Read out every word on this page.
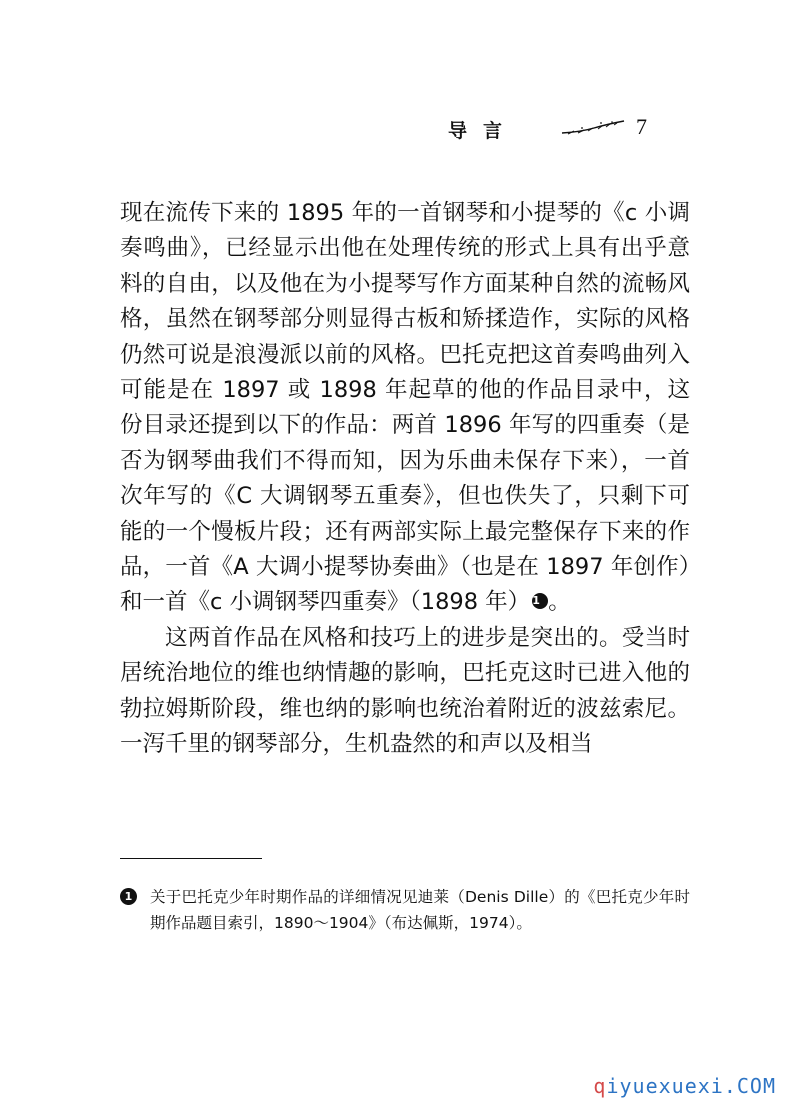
导言	7

现在流传下来的 1895 年的一首钢琴和小提琴的《c 小调奏鸣曲》，已经显示出他在处理传统的形式上具有出乎意料的自由，以及他在为小提琴写作方面某种自然的流畅风格，虽然在钢琴部分则显得古板和矫揉造作，实际的风格仍然可说是浪漫派以前的风格。巴托克把这首奏鸣曲列入可能是在 1897 或 1898 年起草的他的作品目录中，这份目录还提到以下的作品：两首 1896 年写的四重奏（是否为钢琴曲我们不得而知，因为乐曲未保存下来），一首次年写的《C 大调钢琴五重奏》，但也佚失了，只剩下可能的一个慢板片段；还有两部实际上最完整保存下来的作品，一首《A 大调小提琴协奏曲》（也是在 1897 年创作）和一首《c 小调钢琴四重奏》（1898 年） 1 。

这两首作品在风格和技巧上的进步是突出的。受当时居统治地位的维也纳情趣的影响，巴托克这时已进入他的勃拉姆斯阶段，维也纳的影响也统治着附近的波兹索尼。一泻千里的钢琴部分，生机盎然的和声以及相当

1	关于巴托克少年时期作品的详细情况见迪莱（Denis Dille）的《巴托克少年时期作品题目索引，1890～1904》（布达佩斯，1974）。

qiyuexuexi.COM
